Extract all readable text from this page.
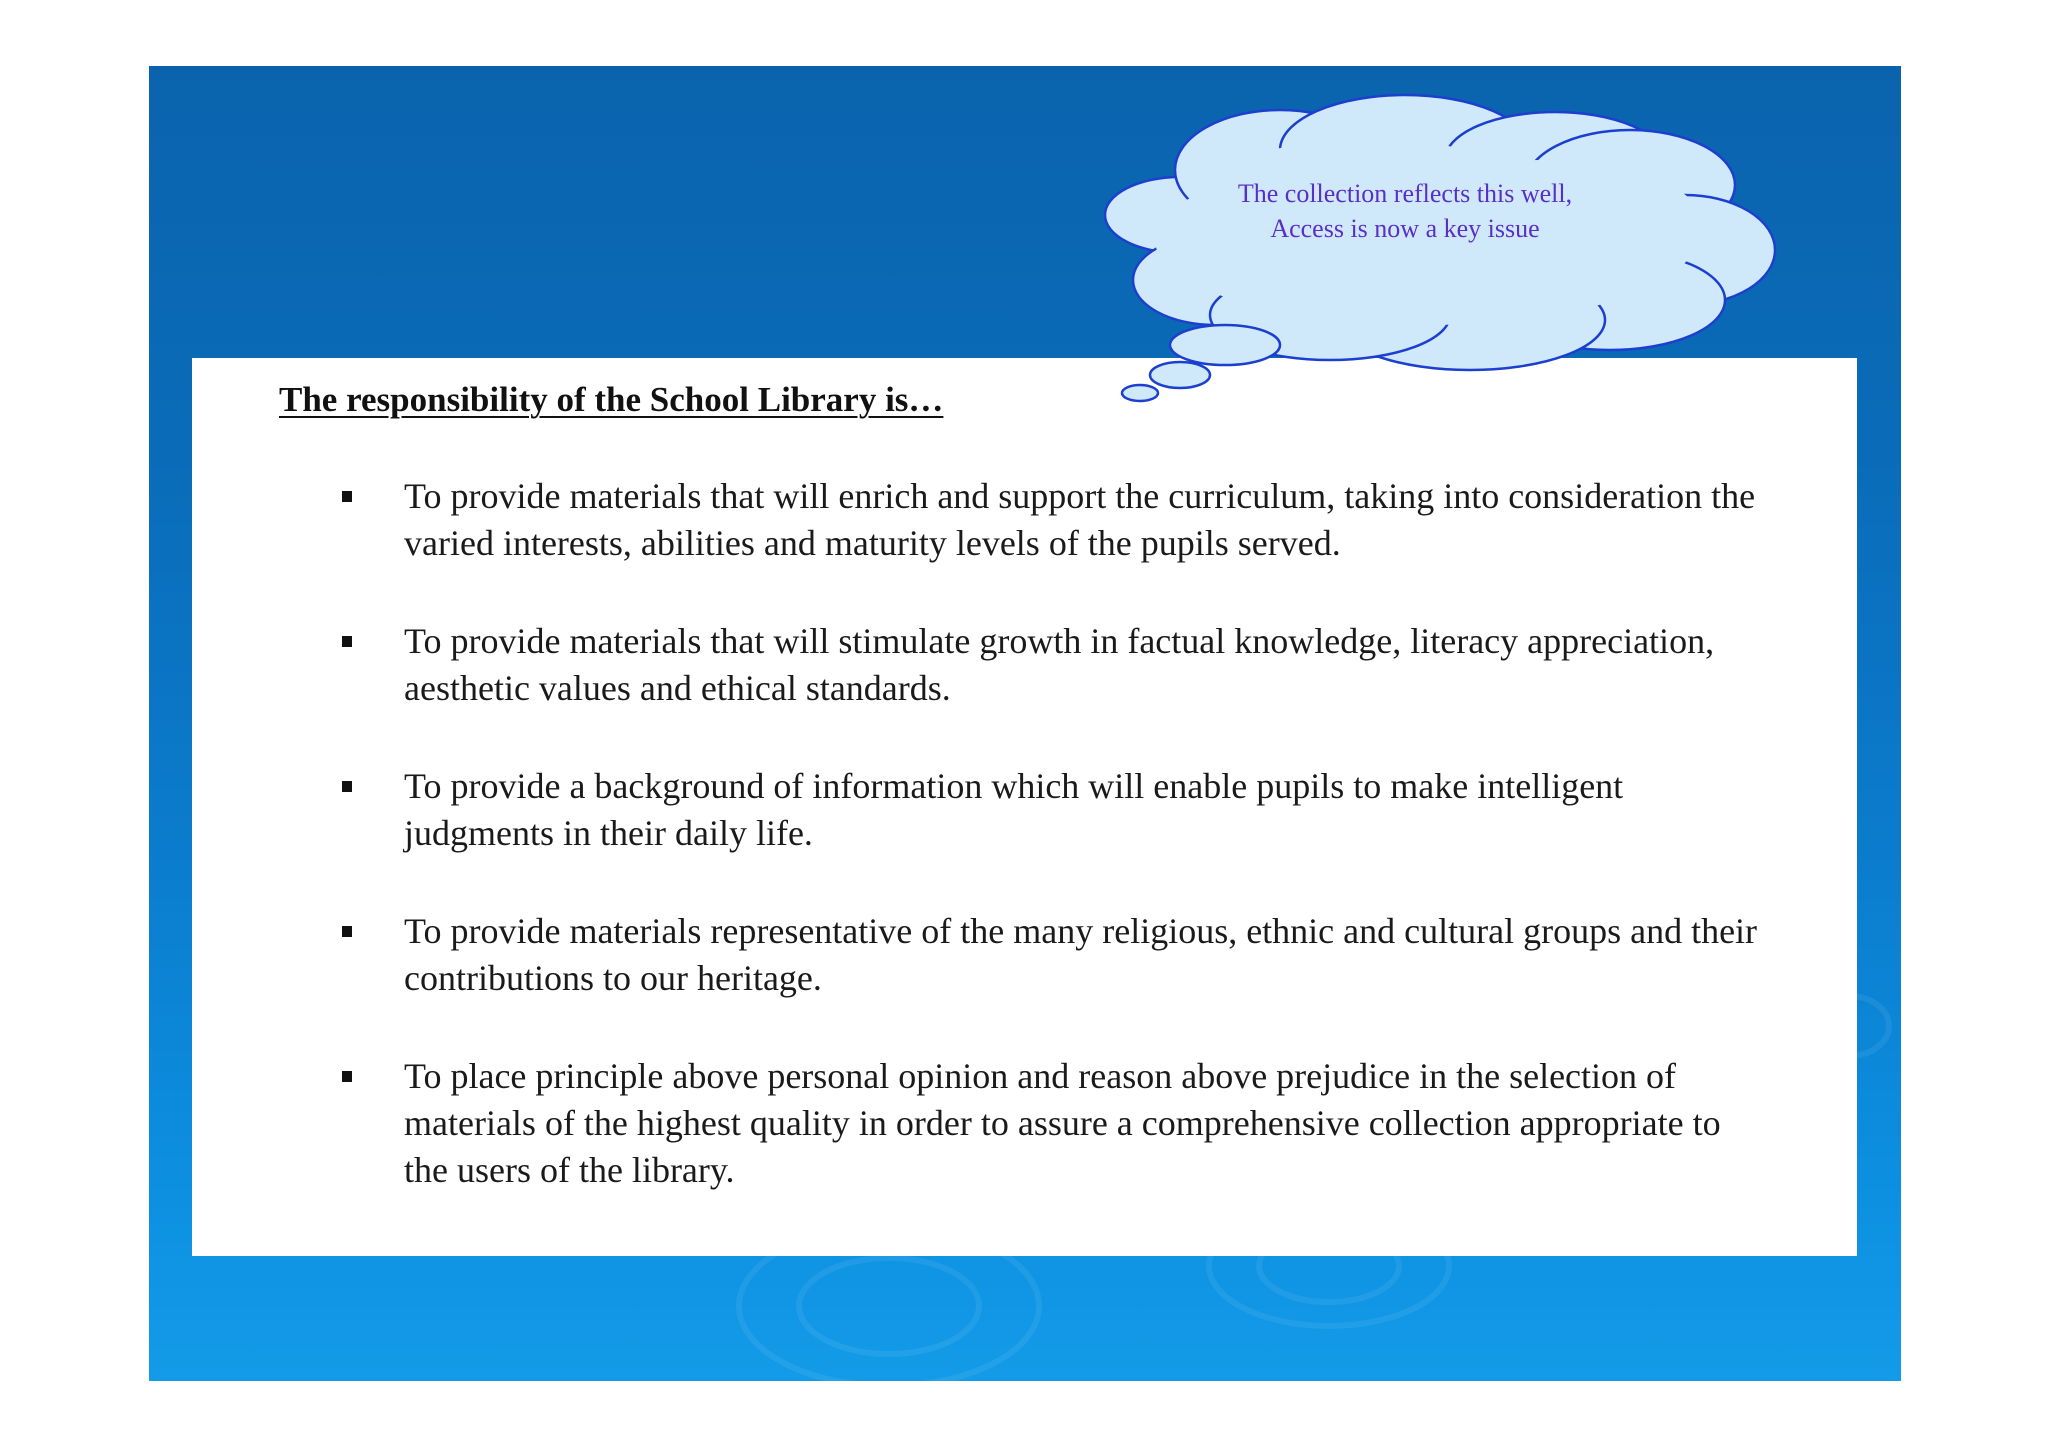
The responsibility of the School Library is…
To provide materials that will enrich and support the curriculum, taking into consideration the varied interests, abilities and maturity levels of the pupils served.
To provide materials that will stimulate growth in factual knowledge, literacy appreciation, aesthetic values and ethical standards.
To provide a background of information which will enable pupils to make intelligent judgments in their daily life.
To provide materials representative of the many religious, ethnic and cultural groups and their contributions to our heritage.
To place principle above personal opinion and reason above prejudice in the selection of materials of the highest quality in order to assure a comprehensive collection appropriate to the users of the library.
The collection reflects this well,
Access is now a key issue
